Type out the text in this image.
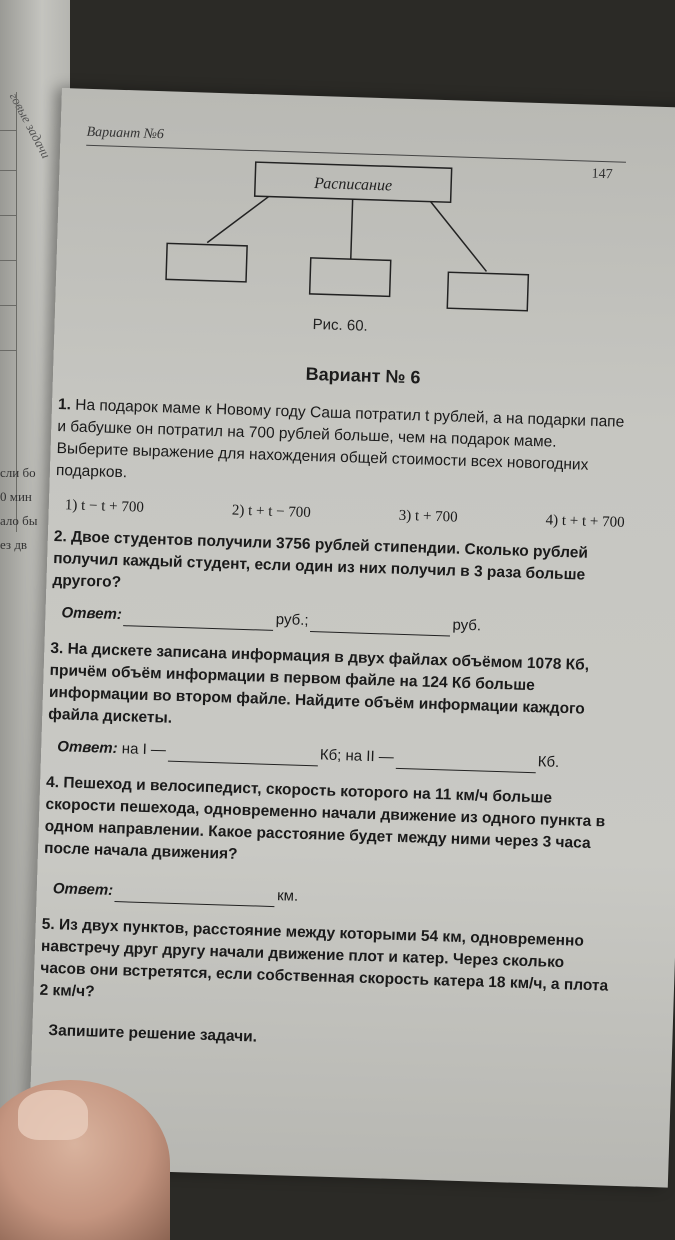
говые задачи
сли бо
0 мин
ало бы
ез дв
Вариант №6
147
Расписание
Рис. 60.
Вариант № 6

1. На подарок маме к Новому году Саша потратил t рублей, а на подарки папе и бабушке он потратил на 700 рублей больше, чем на подарок маме. Выберите выражение для нахождения общей стоимости всех новогодних подарков.

1) t − t + 700	2) t + t − 700	3) t + 700	4) t + t + 700

2. Двое студентов получили 3756 рублей стипендии. Сколько рублей получил каждый студент, если один из них получил в 3 раза больше другого?

Ответ:	руб.;	руб.

3. На дискете записана информация в двух файлах объёмом 1078 Кб, причём объём информации в первом файле на 124 Кб больше информации во втором файле. Найдите объём информации каждого файла дискеты.

Ответ:
на I —	Кб; на II —	Кб.

4. Пешеход и велосипедист, скорость которого на 11 км/ч больше скорости пешехода, одновременно начали движение из одного пункта в одном направлении. Какое расстояние будет между ними через 3 часа после начала движения?

Ответ:	км.

5. Из двух пунктов, расстояние между которыми 54 км, одновременно навстречу друг другу начали движение плот и катер. Через сколько часов они встретятся, если собственная скорость катера 18 км/ч, а плота 2 км/ч?

Запишите решение задачи.
